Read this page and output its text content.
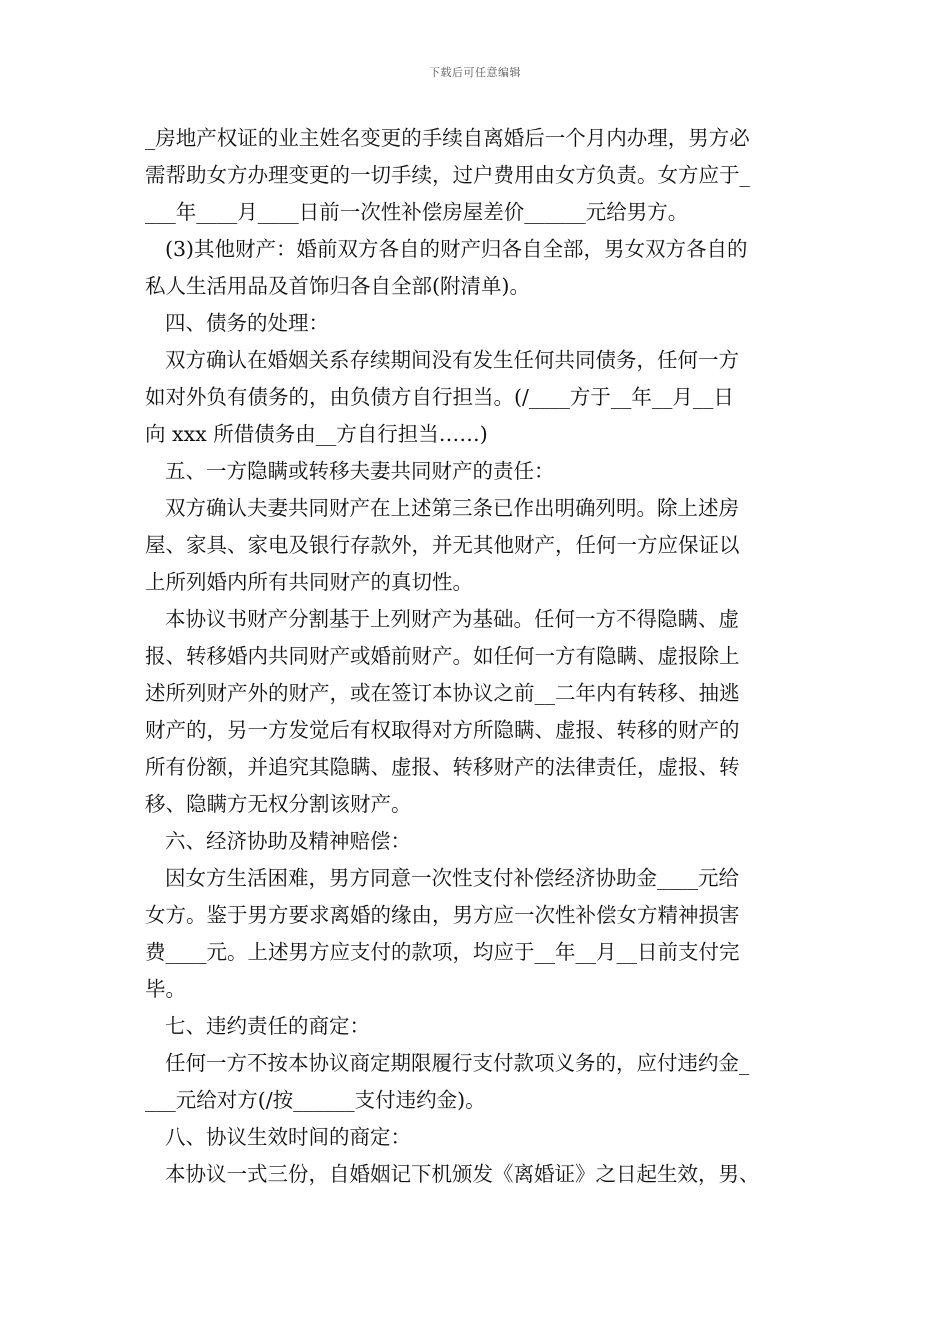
下载后可任意编辑
_房地产权证的业主姓名变更的手续自离婚后一个月内办理，男方必
需帮助女方办理变更的一切手续，过户费用由女方负责。女方应于_
___年____月____日前一次性补偿房屋差价______元给男方。
(3)其他财产：婚前双方各自的财产归各自全部，男女双方各自的
私人生活用品及首饰归各自全部(附清单)。
四、债务的处理：
双方确认在婚姻关系存续期间没有发生任何共同债务，任何一方
如对外负有债务的，由负债方自行担当。(/____方于__年__月__日
向 xxx 所借债务由__方自行担当……)
五、一方隐瞒或转移夫妻共同财产的责任：
双方确认夫妻共同财产在上述第三条已作出明确列明。除上述房
屋、家具、家电及银行存款外，并无其他财产，任何一方应保证以
上所列婚内所有共同财产的真切性。
本协议书财产分割基于上列财产为基础。任何一方不得隐瞒、虚
报、转移婚内共同财产或婚前财产。如任何一方有隐瞒、虚报除上
述所列财产外的财产，或在签订本协议之前__二年内有转移、抽逃
财产的，另一方发觉后有权取得对方所隐瞒、虚报、转移的财产的
所有份额，并追究其隐瞒、虚报、转移财产的法律责任，虚报、转
移、隐瞒方无权分割该财产。
六、经济协助及精神赔偿：
因女方生活困难，男方同意一次性支付补偿经济协助金____元给
女方。鉴于男方要求离婚的缘由，男方应一次性补偿女方精神损害
费____元。上述男方应支付的款项，均应于__年__月__日前支付完
毕。
七、违约责任的商定：
任何一方不按本协议商定期限履行支付款项义务的，应付违约金_
___元给对方(/按______支付违约金)。
八、协议生效时间的商定：
本协议一式三份，自婚姻记下机颁发《离婚证》之日起生效，男、
